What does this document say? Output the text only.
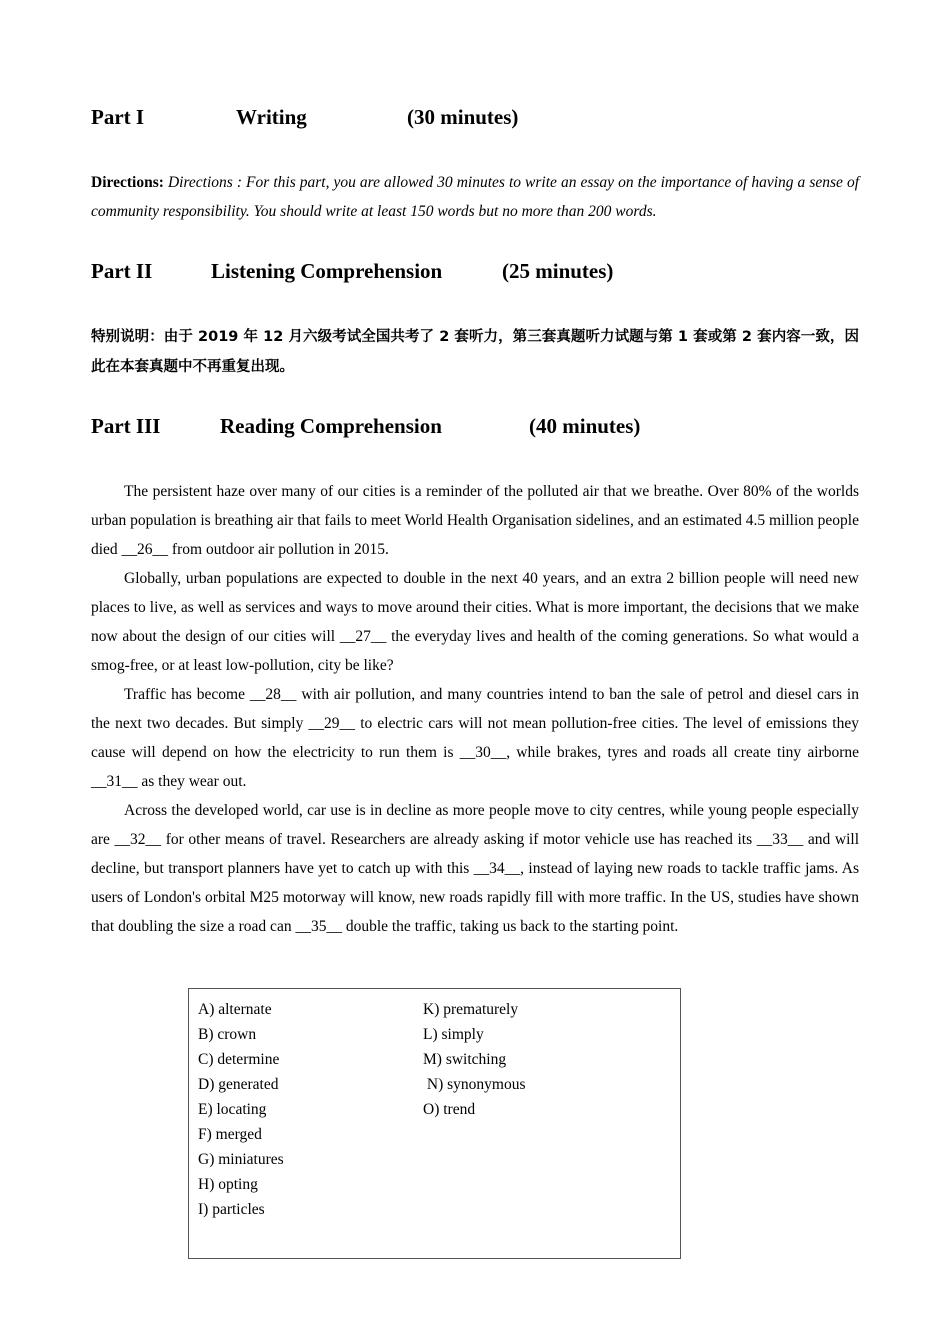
Part I	Writing	(30 minutes)
Directions: Directions : For this part, you are allowed 30 minutes to write an essay on the importance of having a sense of community responsibility. You should write at least 150 words but no more than 200 words.
Part II	Listening Comprehension	(25 minutes)
特别说明：由于 2019 年 12 月六级考试全国共考了 2 套听力，第三套真题听力试题与第 1 套或第 2 套内容一致，因此在本套真题中不再重复出现。
Part III	Reading Comprehension	(40 minutes)

The persistent haze over many of our cities is a reminder of the polluted air that we breathe. Over 80% of the worlds urban population is breathing air that fails to meet World Health Organisation sidelines, and an estimated 4.5 million people died __26__ from outdoor air pollution in 2015.

Globally, urban populations are expected to double in the next 40 years, and an extra 2 billion people will need new places to live, as well as services and ways to move around their cities. What is more important, the decisions that we make now about the design of our cities will __27__ the everyday lives and health of the coming generations. So what would a smog-free, or at least low-pollution, city be like?

Traffic has become __28__ with air pollution, and many countries intend to ban the sale of petrol and diesel cars in the next two decades. But simply __29__ to electric cars will not mean pollution-free cities. The level of emissions they cause will depend on how the electricity to run them is __30__, while brakes, tyres and roads all create tiny airborne __31__ as they wear out.

Across the developed world, car use is in decline as more people move to city centres, while young people especially are __32__ for other means of travel. Researchers are already asking if motor vehicle use has reached its __33__ and will decline, but transport planners have yet to catch up with this __34__, instead of laying new roads to tackle traffic jams. As users of London's orbital M25 motorway will know, new roads rapidly fill with more traffic. In the US, studies have shown that doubling the size a road can __35__ double the traffic, taking us back to the starting point.

A) alternate
B) crown
C) determine
D) generated
E) locating
F) merged
G) miniatures
H) opting
I) particles
K) prematurely
L) simply
M) switching
N) synonymous
O) trend
